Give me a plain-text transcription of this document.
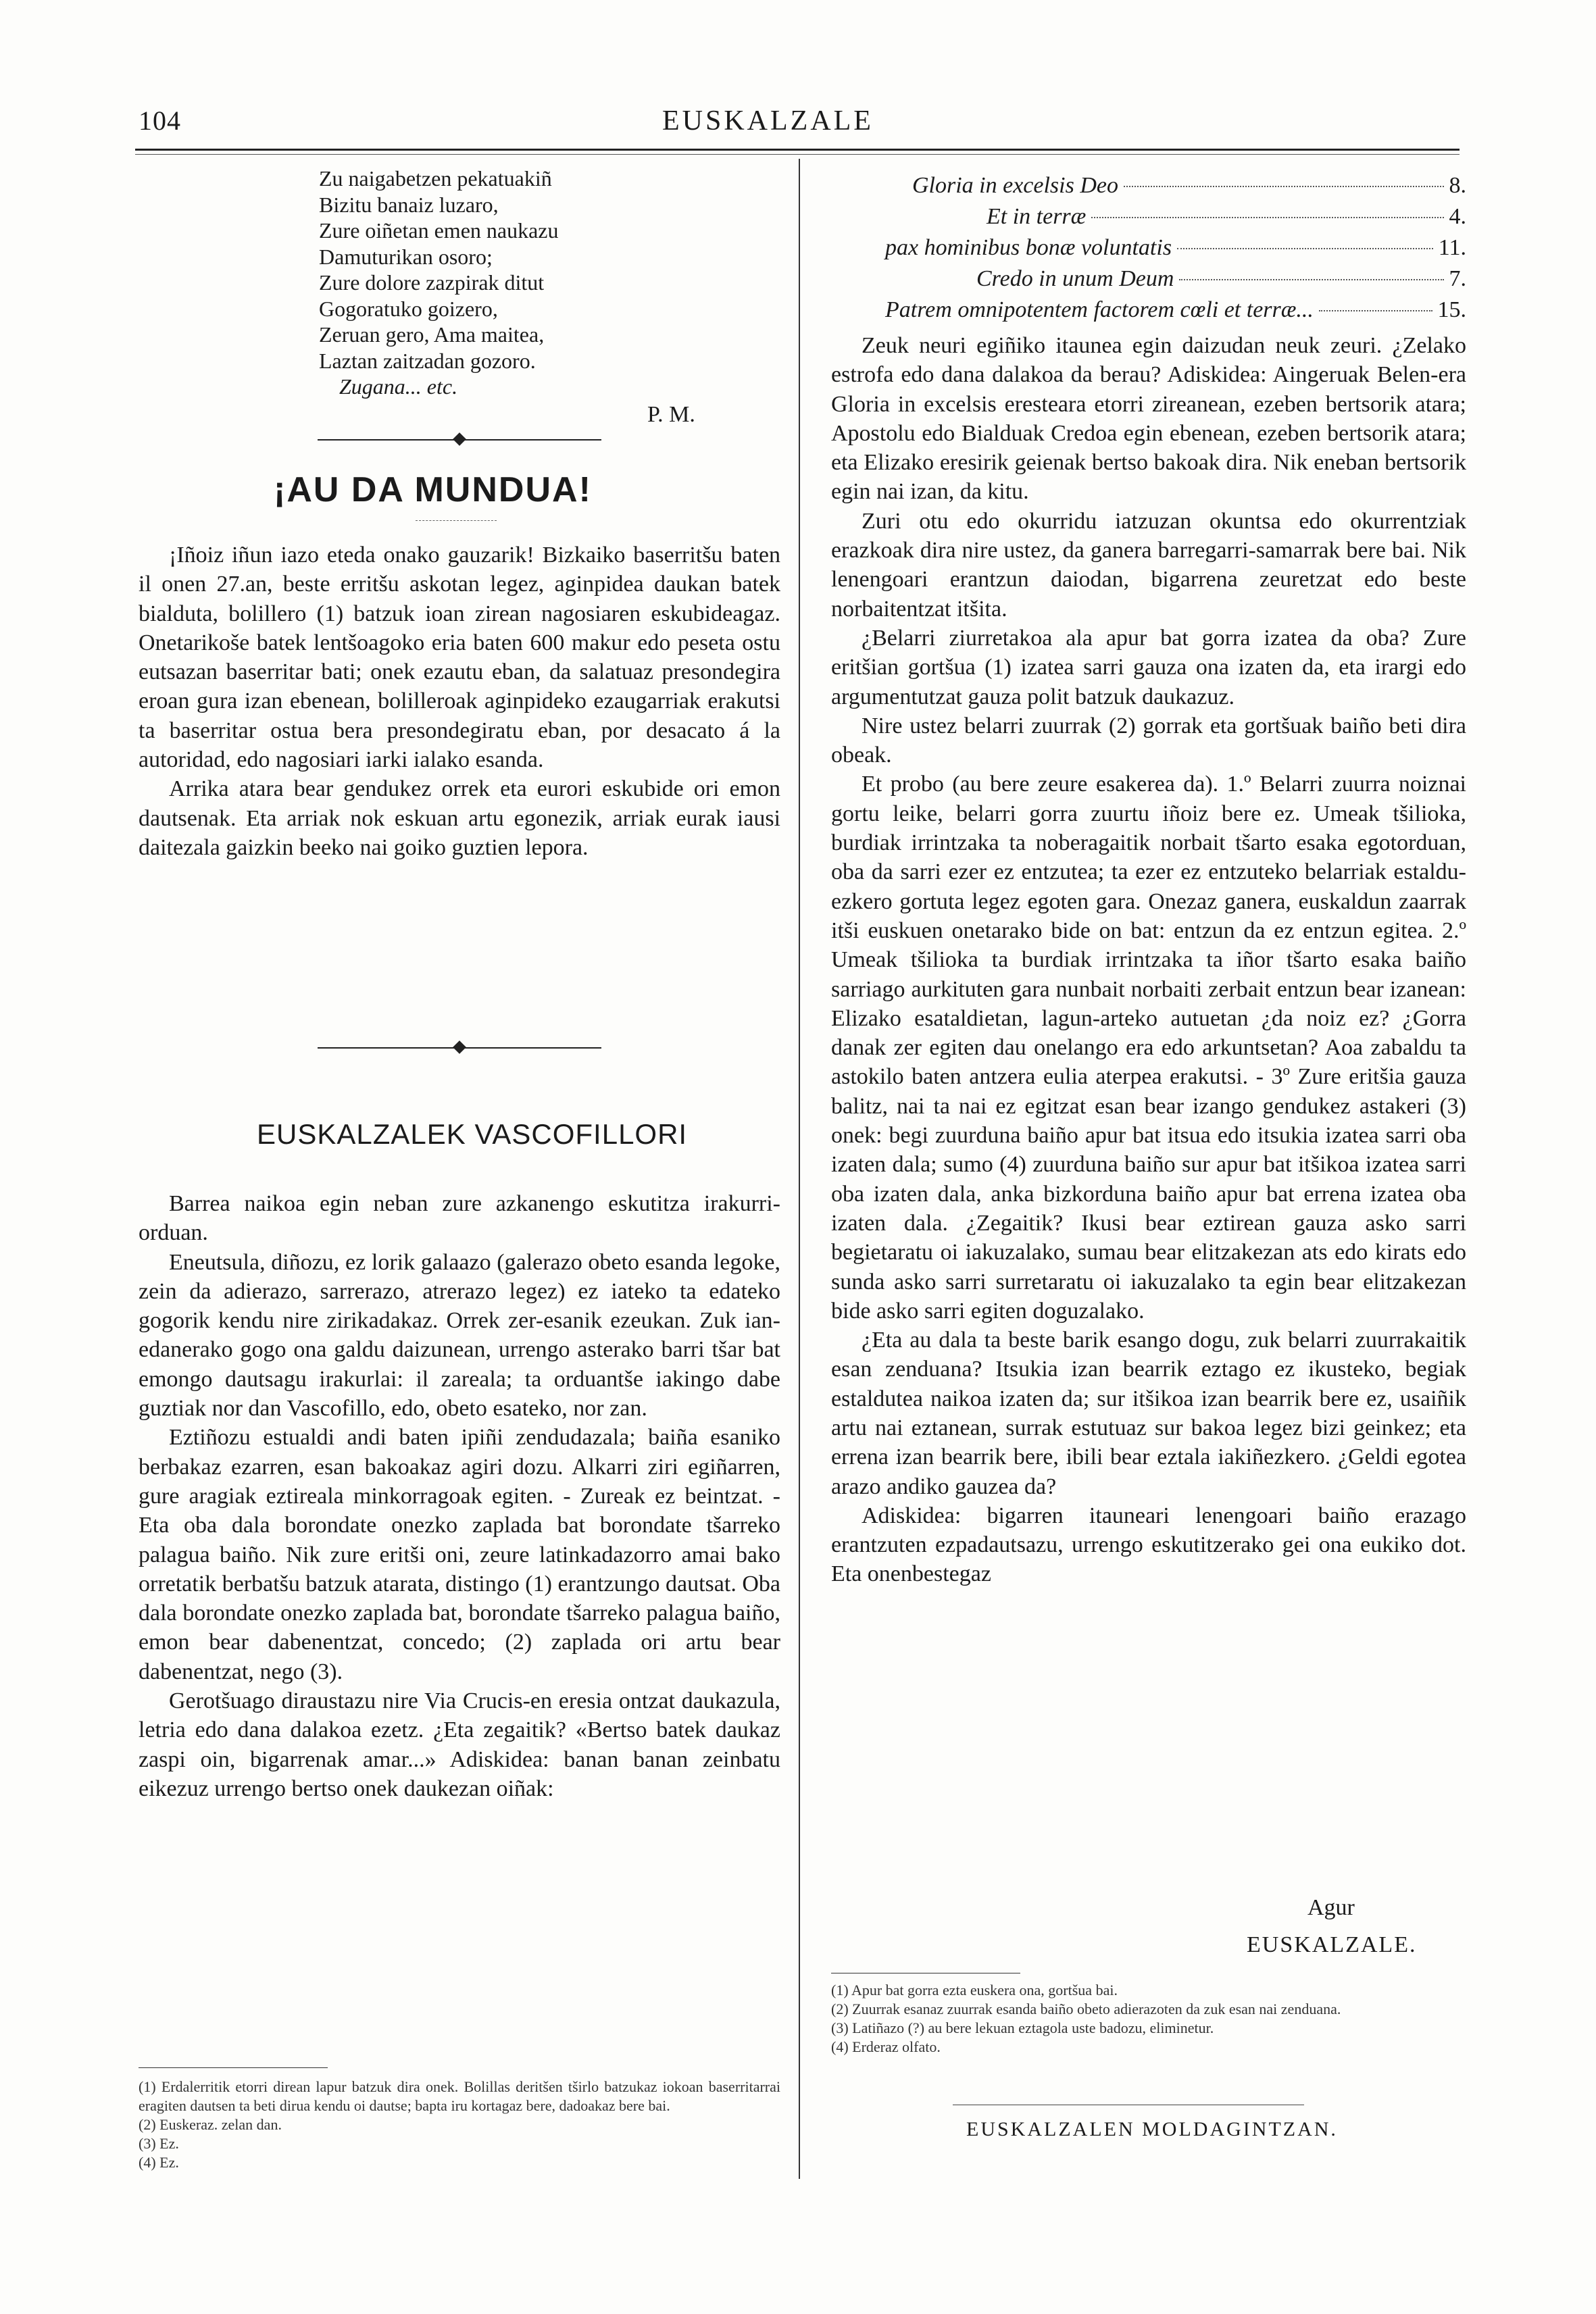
104	EUSKALZALE
Zu naigabetzen pekatuakiñ
Bizitu banaiz luzaro,
Zure oiñetan emen naukazu
Damuturikan osoro;
Zure dolore zazpirak ditut
Gogoratuko goizero,
Zeruan gero, Ama maitea,
Laztan zaitzadan gozoro.
Zugana... etc.
P. M.
¡AU DA MUNDUA!

¡Iñoiz iñun iazo eteda onako gauzarik! Bizkaiko baserritšu baten il onen 27.an, beste erritšu askotan legez, aginpidea daukan batek bialduta, bolillero (1) batzuk ioan zirean nagosiaren eskubideagaz. Onetarikoše batek lentšoagoko eria baten 600 makur edo peseta ostu eutsazan baserritar bati; onek ezautu eban, da salatuaz presondegira eroan gura izan ebenean, bolilleroak aginpideko ezaugarriak erakutsi ta baserritar ostua bera presondegiratu eban, por desacato á la autoridad, edo nagosiari iarki ialako esanda.

Arrika atara bear gendukez orrek eta eurori eskubide ori emon dautsenak. Eta arriak nok eskuan artu egonezik, arriak eurak iausi daitezala gaizkin beeko nai goiko guztien lepora.

EUSKALZALEK VASCOFILLORI

Barrea naikoa egin neban zure azkanengo eskutitza irakurri-orduan.

Eneutsula, diñozu, ez lorik galaazo (galerazo obeto esanda legoke, zein da adierazo, sarrerazo, atrerazo legez) ez iateko ta edateko gogorik kendu nire zirikadakaz. Orrek zer-esanik ezeukan. Zuk ian-edanerako gogo ona galdu daizunean, urrengo asterako barri tšar bat emongo dautsagu irakurlai: il zareala; ta orduantše iakingo dabe guztiak nor dan Vascofillo, edo, obeto esateko, nor zan.

Eztiñozu estualdi andi baten ipiñi zendudazala; baiña esaniko berbakaz ezarren, esan bakoakaz agiri dozu. Alkarri ziri egiñarren, gure aragiak eztireala minkorragoak egiten. - Zureak ez beintzat. - Eta oba dala borondate onezko zaplada bat borondate tšarreko palagua baiño. Nik zure eritši oni, zeure latinkadazorro amai bako orretatik berbatšu batzuk atarata, distingo (1) erantzungo dautsat. Oba dala borondate onezko zaplada bat, borondate tšarreko palagua baiño, emon bear dabenentzat, concedo; (2) zaplada ori artu bear dabenentzat, nego (3).

Gerotšuago diraustazu nire Via Crucis-en eresia ontzat daukazula, letria edo dana dalakoa ezetz. ¿Eta zegaitik? «Bertso batek daukaz zaspi oin, bigarrenak amar...» Adiskidea: banan banan zeinbatu eikezuz urrengo bertso onek daukezan oiñak:

(1) Erdalerritik etorri direan lapur batzuk dira onek. Bolillas deritšen tširlo batzukaz iokoan baserritarrai eragiten dautsen ta beti dirua kendu oi dautse; bapta iru kortagaz bere, dadoakaz bere bai.

(2) Euskeraz. zelan dan.

(3) Ez.

(4) Ez.

Gloria in excelsis Deo	8.
Et in terræ	4.
pax hominibus bonæ voluntatis	11.
Credo in unum Deum	7.
Patrem omnipotentem factorem cœli et terræ...	15.

Zeuk neuri egiñiko itaunea egin daizudan neuk zeuri. ¿Zelako estrofa edo dana dalakoa da berau? Adiskidea: Aingeruak Belen-era Gloria in excelsis eresteara etorri zireanean, ezeben bertsorik atara; Apostolu edo Bialduak Credoa egin ebenean, ezeben bertsorik atara; eta Elizako eresirik geienak bertso bakoak dira. Nik eneban bertsorik egin nai izan, da kitu.

Zuri otu edo okurridu iatzuzan okuntsa edo okurrentziak erazkoak dira nire ustez, da ganera barregarri-samarrak bere bai. Nik lenengoari erantzun daiodan, bigarrena zeuretzat edo beste norbaitentzat itšita.

¿Belarri ziurretakoa ala apur bat gorra izatea da oba? Zure eritšian gortšua (1) izatea sarri gauza ona izaten da, eta irargi edo argumentutzat gauza polit batzuk daukazuz.

Nire ustez belarri zuurrak (2) gorrak eta gortšuak baiño beti dira obeak.

Et probo (au bere zeure esakerea da). 1.º Belarri zuurra noiznai gortu leike, belarri gorra zuurtu iñoiz bere ez. Umeak tšilioka, burdiak irrintzaka ta noberagaitik norbait tšarto esaka egotorduan, oba da sarri ezer ez entzutea; ta ezer ez entzuteko belarriak estaldu-ezkero gortuta legez egoten gara. Onezaz ganera, euskaldun zaarrak itši euskuen onetarako bide on bat: entzun da ez entzun egitea. 2.º Umeak tšilioka ta burdiak irrintzaka ta iñor tšarto esaka baiño sarriago aurkituten gara nunbait norbaiti zerbait entzun bear izanean: Elizako esataldietan, lagun-arteko autuetan ¿da noiz ez? ¿Gorra danak zer egiten dau onelango era edo arkuntsetan? Aoa zabaldu ta astokilo baten antzera eulia aterpea erakutsi. - 3º Zure eritšia gauza balitz, nai ta nai ez egitzat esan bear izango gendukez astakeri (3) onek: begi zuurduna baiño apur bat itsua edo itsukia izatea sarri oba izaten dala; sumo (4) zuurduna baiño sur apur bat itšikoa izatea sarri oba izaten dala, anka bizkorduna baiño apur bat errena izatea oba izaten dala. ¿Zegaitik? Ikusi bear eztirean gauza asko sarri begietaratu oi iakuzalako, sumau bear elitzakezan ats edo kirats edo sunda asko sarri surretaratu oi iakuzalako ta egin bear elitzakezan bide asko sarri egiten doguzalako.

¿Eta au dala ta beste barik esango dogu, zuk belarri zuurrakaitik esan zenduana? Itsukia izan bearrik eztago ez ikusteko, begiak estaldutea naikoa izaten da; sur itšikoa izan bearrik bere ez, usaiñik artu nai eztanean, surrak estutuaz sur bakoa legez bizi geinkez; eta errena izan bearrik bere, ibili bear eztala iakiñezkero. ¿Geldi egotea arazo andiko gauzea da?

Adiskidea: bigarren itauneari lenengoari baiño erazago erantzuten ezpadautsazu, urrengo eskutitzerako gei ona eukiko dot. Eta onenbestegaz

Agur
EUSKALZALE.

(1) Apur bat gorra ezta euskera ona, gortšua bai.

(2) Zuurrak esanaz zuurrak esanda baiño obeto adierazoten da zuk esan nai zenduana.

(3) Latiñazo (?) au bere lekuan eztagola uste badozu, eliminetur.

(4) Erderaz olfato.

EUSKALZALEN MOLDAGINTZAN.
